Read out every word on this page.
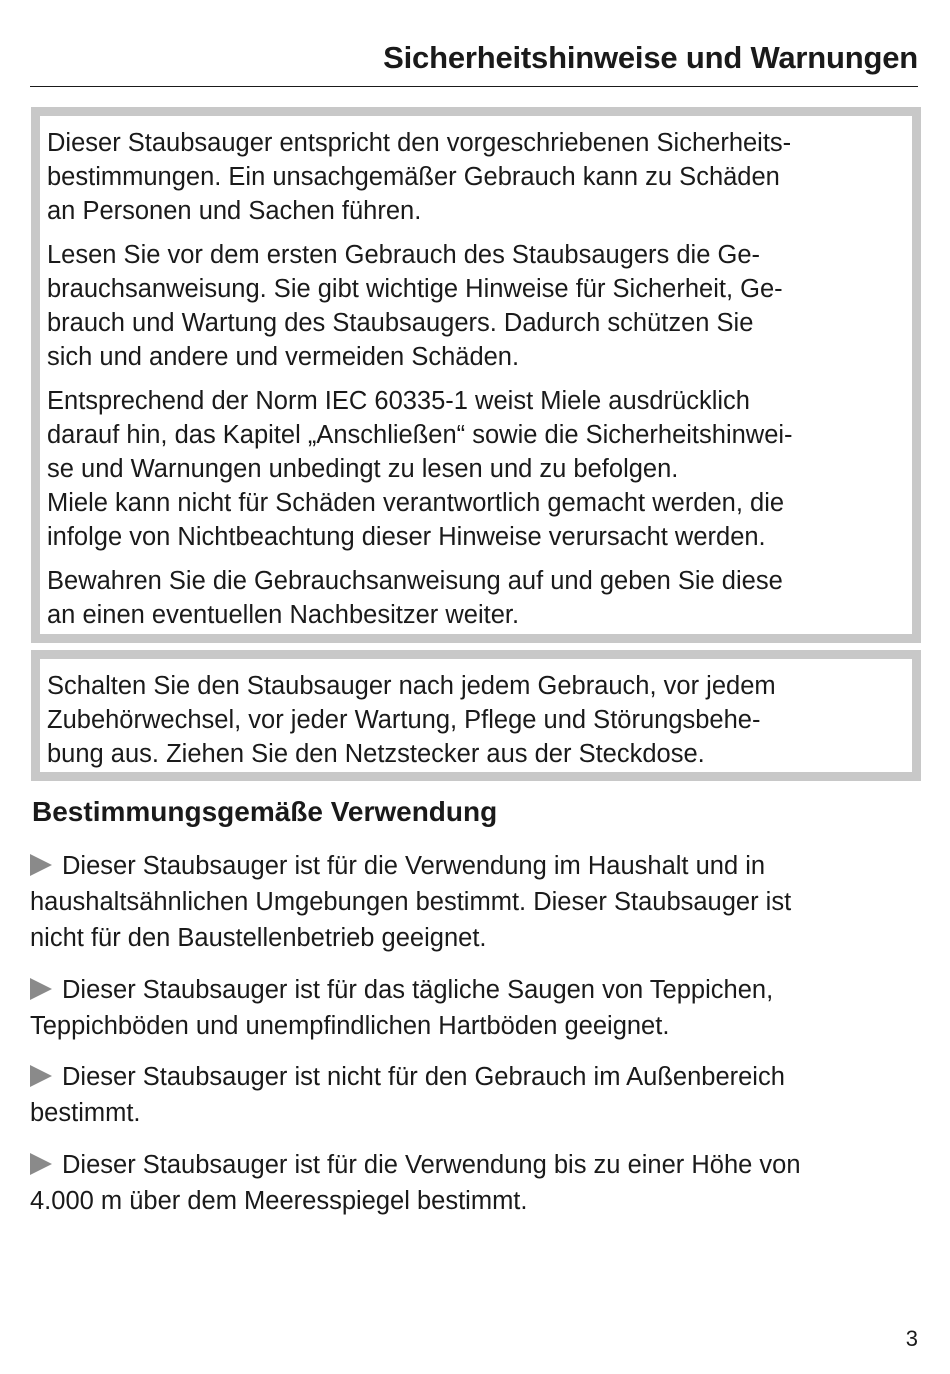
Sicherheitshinweise und Warnungen

Dieser Staubsauger entspricht den vorgeschriebenen Sicherheits-
bestimmungen. Ein unsachgemäßer Gebrauch kann zu Schäden
an Personen und Sachen führen.

Lesen Sie vor dem ersten Gebrauch des Staubsaugers die Ge-
brauchsanweisung. Sie gibt wichtige Hinweise für Sicherheit, Ge-
brauch und Wartung des Staubsaugers. Dadurch schützen Sie
sich und andere und vermeiden Schäden.

Entsprechend der Norm IEC 60335-1 weist Miele ausdrücklich
darauf hin, das Kapitel „Anschließen“ sowie die Sicherheitshinwei-
se und Warnungen unbedingt zu lesen und zu befolgen.
Miele kann nicht für Schäden verantwortlich gemacht werden, die
infolge von Nichtbeachtung dieser Hinweise verursacht werden.

Bewahren Sie die Gebrauchsanweisung auf und geben Sie diese
an einen eventuellen Nachbesitzer weiter.

Schalten Sie den Staubsauger nach jedem Gebrauch, vor jedem
Zubehörwechsel, vor jeder Wartung, Pflege und Störungsbehe-
bung aus. Ziehen Sie den Netzstecker aus der Steckdose.

Bestimmungsgemäße Verwendung

Dieser Staubsauger ist für die Verwendung im Haushalt und in
haushaltsähnlichen Umgebungen bestimmt. Dieser Staubsauger ist
nicht für den Baustellenbetrieb geeignet.

Dieser Staubsauger ist für das tägliche Saugen von Teppichen,
Teppichböden und unempfindlichen Hartböden geeignet.

Dieser Staubsauger ist nicht für den Gebrauch im Außenbereich
bestimmt.

Dieser Staubsauger ist für die Verwendung bis zu einer Höhe von
4.000 m über dem Meeresspiegel bestimmt.

3
